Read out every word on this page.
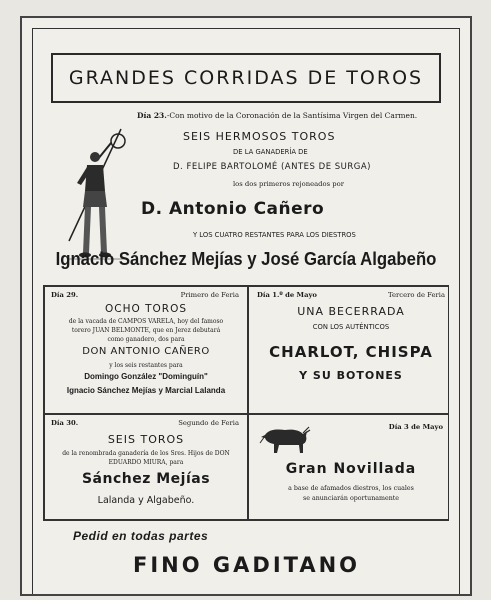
GRANDES CORRIDAS DE TOROS
Día 23.-Con motivo de la Coronación de la Santísima Virgen del Carmen.
SEIS HERMOSOS TOROS
DE LA GANADERÍA DE
D. FELIPE BARTOLOMÉ (ANTES DE SURGA)
los dos primeros rejoneados por
D. Antonio Cañero
Y LOS CUATRO RESTANTES PARA LOS DIESTROS
Ignacio Sánchez Mejías y José García Algabeño
Día 29.	Primero de Feria
OCHO TOROS
de la vacada de CAMPOS VARELA, hoy del famoso
torero JUAN BELMONTE, que en Jerez debutará
como ganadero, dos para
DON ANTONIO CAÑERO
y los seis restantes para
Domingo González "Dominguín"
Ignacio Sánchez Mejías y Marcial Lalanda
Día 1.º de Mayo	Tercero de Feria
UNA BECERRADA
CON LOS AUTÉNTICOS
CHARLOT, CHISPA
Y SU BOTONES
Día 30.	Segundo de Feria
SEIS TOROS
de la renombrada ganadería de los Sres. Hijos de DON
EDUARDO MIURA, para
Sánchez Mejías
Lalanda y Algabeño.
Día 3 de Mayo
Gran Novillada
a base de afamados diestros, los cuales
se anunciarán oportunamente
Pedid en todas partes
FINO GADITANO
